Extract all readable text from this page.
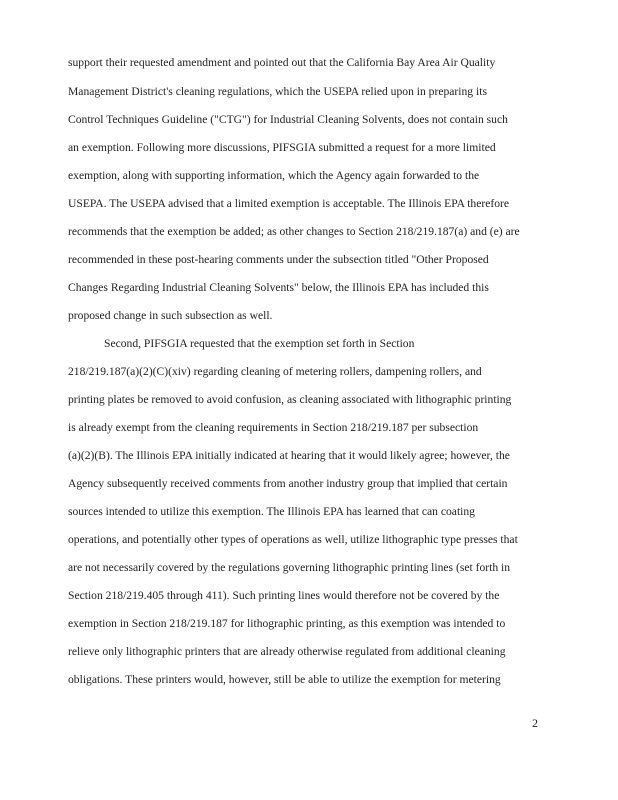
support their requested amendment and pointed out that the California Bay Area Air Quality
Management District's cleaning regulations, which the USEPA relied upon in preparing its
Control Techniques Guideline ("CTG") for Industrial Cleaning Solvents, does not contain such
an exemption. Following more discussions, PIFSGIA submitted a request for a more limited
exemption, along with supporting information, which the Agency again forwarded to the
USEPA. The USEPA advised that a limited exemption is acceptable. The Illinois EPA therefore
recommends that the exemption be added; as other changes to Section 218/219.187(a) and (e) are
recommended in these post-hearing comments under the subsection titled "Other Proposed
Changes Regarding Industrial Cleaning Solvents" below, the Illinois EPA has included this
proposed change in such subsection as well.
Second, PIFSGIA requested that the exemption set forth in Section
218/219.187(a)(2)(C)(xiv) regarding cleaning of metering rollers, dampening rollers, and
printing plates be removed to avoid confusion, as cleaning associated with lithographic printing
is already exempt from the cleaning requirements in Section 218/219.187 per subsection
(a)(2)(B). The Illinois EPA initially indicated at hearing that it would likely agree; however, the
Agency subsequently received comments from another industry group that implied that certain
sources intended to utilize this exemption. The Illinois EPA has learned that can coating
operations, and potentially other types of operations as well, utilize lithographic type presses that
are not necessarily covered by the regulations governing lithographic printing lines (set forth in
Section 218/219.405 through 411). Such printing lines would therefore not be covered by the
exemption in Section 218/219.187 for lithographic printing, as this exemption was intended to
relieve only lithographic printers that are already otherwise regulated from additional cleaning
obligations. These printers would, however, still be able to utilize the exemption for metering
2
